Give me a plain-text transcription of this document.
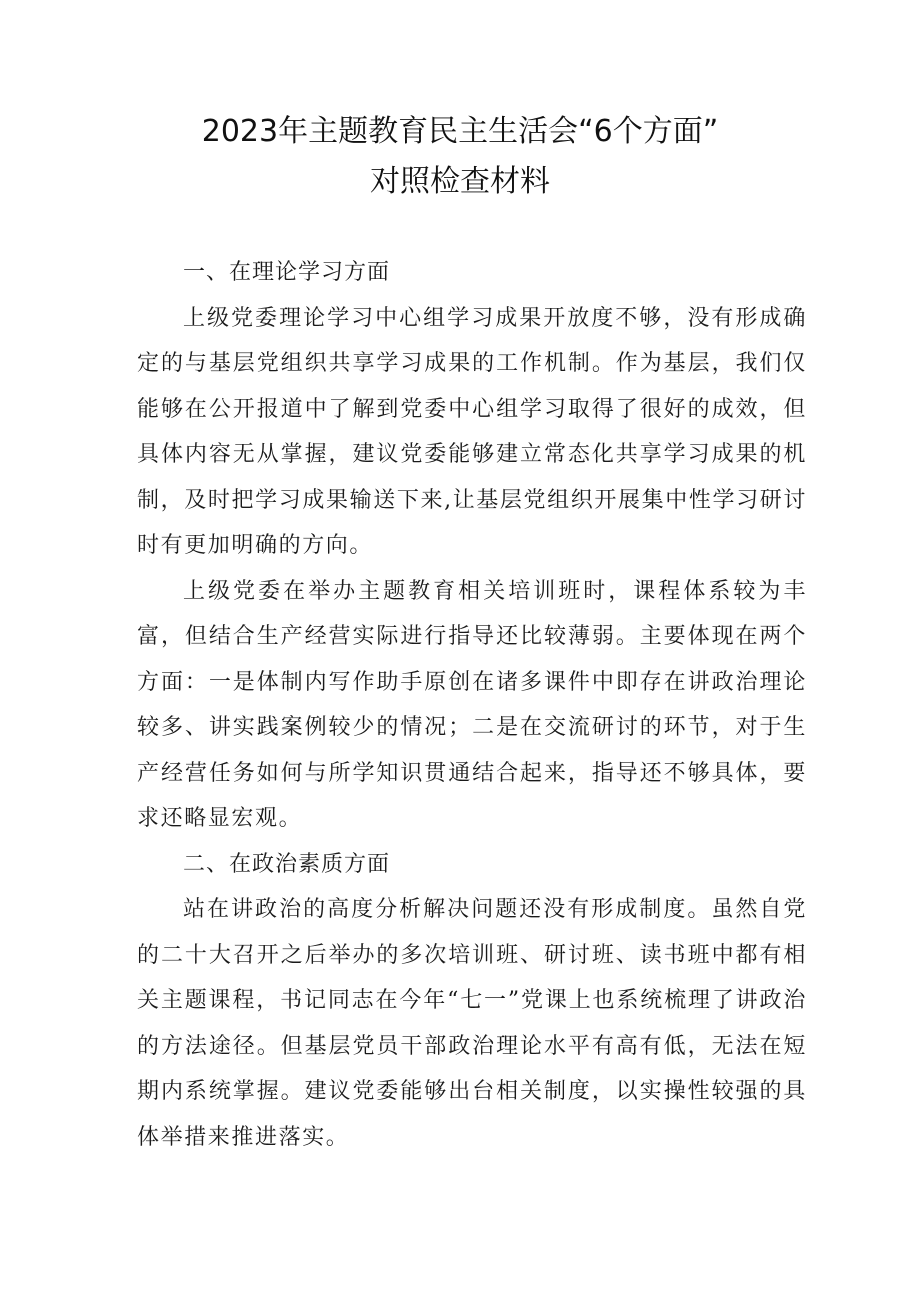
2023年主题教育民主生活会“6个方面”
对照检查材料

一、在理论学习方面

上级党委理论学习中心组学习成果开放度不够，没有形成确定的与基层党组织共享学习成果的工作机制。作为基层，我们仅能够在公开报道中了解到党委中心组学习取得了很好的成效，但具体内容无从掌握，建议党委能够建立常态化共享学习成果的机制，及时把学习成果输送下来,让基层党组织开展集中性学习研讨时有更加明确的方向。

上级党委在举办主题教育相关培训班时，课程体系较为丰富，但结合生产经营实际进行指导还比较薄弱。主要体现在两个方面：一是体制内写作助手原创在诸多课件中即存在讲政治理论较多、讲实践案例较少的情况；二是在交流研讨的环节，对于生产经营任务如何与所学知识贯通结合起来，指导还不够具体，要求还略显宏观。

二、在政治素质方面

站在讲政治的高度分析解决问题还没有形成制度。虽然自党的二十大召开之后举办的多次培训班、研讨班、读书班中都有相关主题课程，书记同志在今年“七一”党课上也系统梳理了讲政治的方法途径。但基层党员干部政治理论水平有高有低，无法在短期内系统掌握。建议党委能够出台相关制度，以实操性较强的具体举措来推进落实。
